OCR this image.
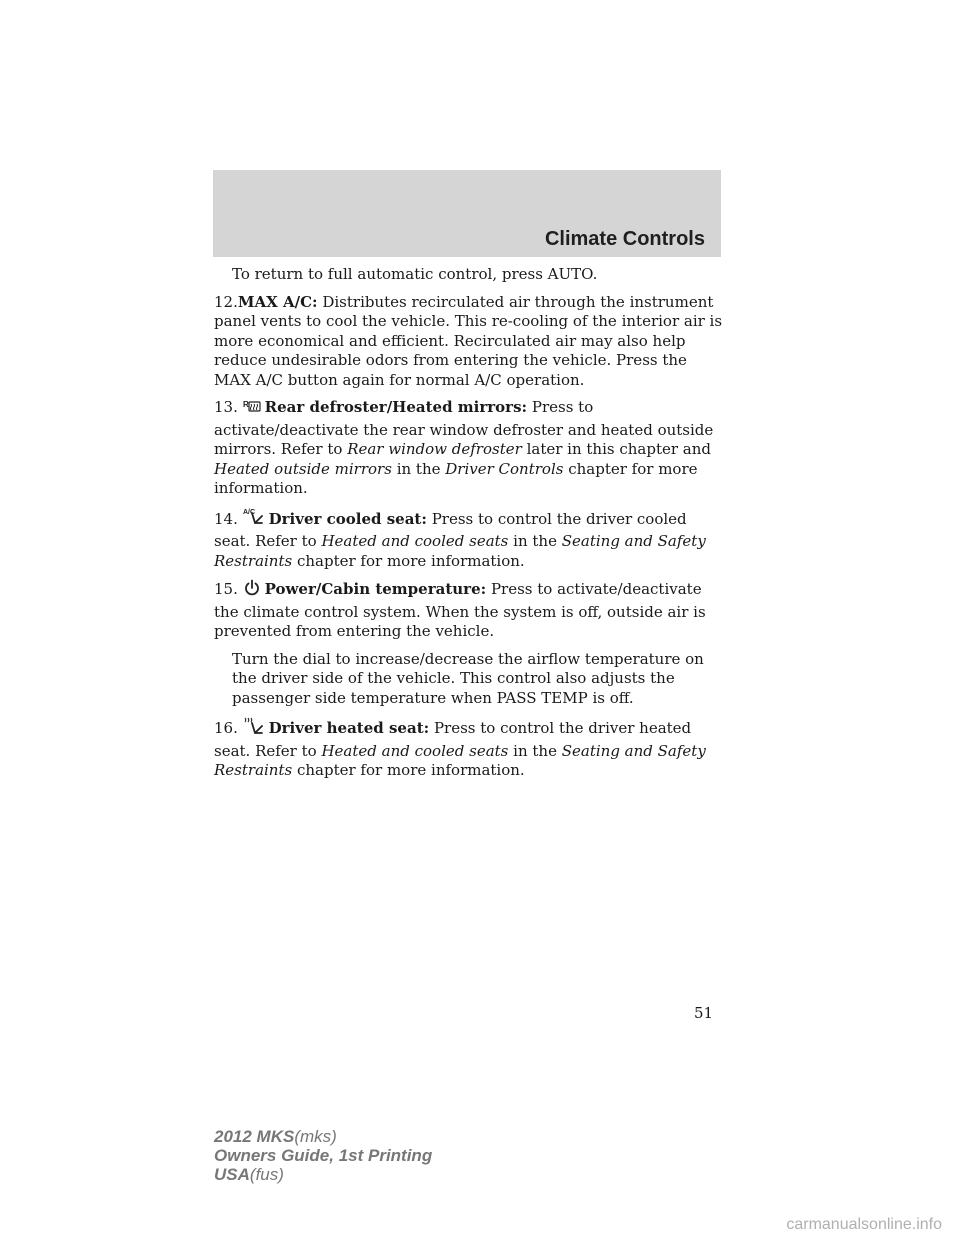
Climate Controls

To return to full automatic control, press AUTO.

12.MAX A/C: Distributes recirculated air through the instrument panel vents to cool the vehicle. This re-cooling of the interior air is more economical and efficient. Recirculated air may also help reduce undesirable odors from entering the vehicle. Press the MAX A/C button again for normal A/C operation.

13. R Rear defroster/Heated mirrors: Press to activate/deactivate the rear window defroster and heated outside mirrors. Refer to Rear window defroster later in this chapter and Heated outside mirrors in the Driver Controls chapter for more information.

14. A/C Driver cooled seat: Press to control the driver cooled seat. Refer to Heated and cooled seats in the Seating and Safety Restraints chapter for more information.

15. Power/Cabin temperature: Press to activate/deactivate the climate control system. When the system is off, outside air is prevented from entering the vehicle.

Turn the dial to increase/decrease the airflow temperature on the driver side of the vehicle. This control also adjusts the passenger side temperature when PASS TEMP is off.

16. Driver heated seat: Press to control the driver heated seat. Refer to Heated and cooled seats in the Seating and Safety Restraints chapter for more information.

51
2012 MKS(mks)
Owners Guide, 1st Printing
USA(fus)
carmanualsonline.info
